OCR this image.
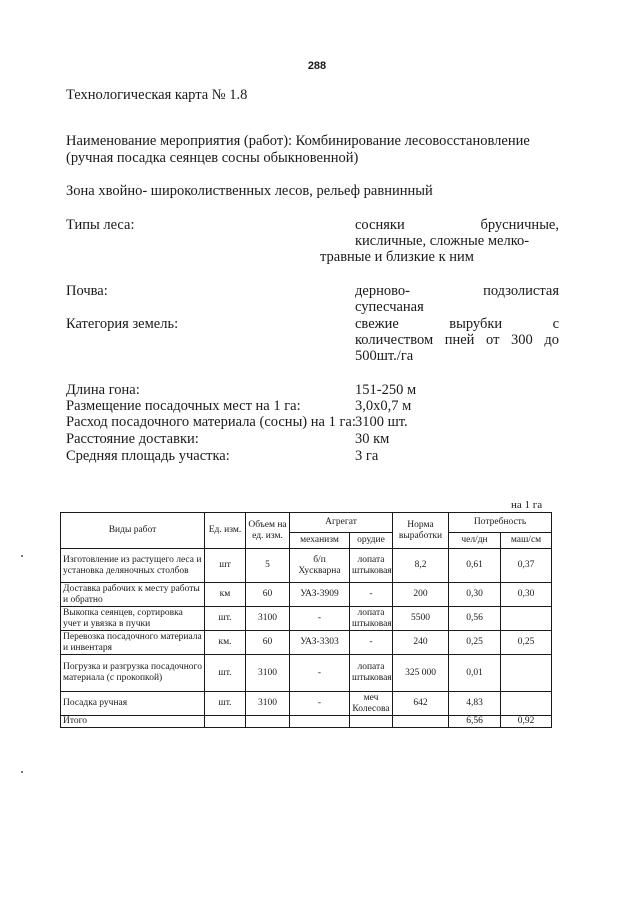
288
Технологическая карта № 1.8
Наименование мероприятия (работ): Комбинирование лесовосстановление
(ручная посадка сеянцев сосны обыкновенной)
Зона хвойно- широколиственных лесов, рельеф равнинный
Типы леса:	сосняки брусничные,
кисличные, сложные мелко-
травные и близкие к ним
Почва:	дерново- подзолистая
супесчаная
Категория земель:	свежие вырубки с
количеством пней от 300 до
500шт./га
Длина гона:	151-250 м
Размещение посадочных мест на 1 га:	3,0x0,7 м
Расход посадочного материала (сосны) на 1 га: 3100 шт.
Расстояние доставки:	30 км
Средняя площадь участка:	3 га
на 1 га
Виды работ	Ед. изм.	Объем на ед. изм.	Агрегат		Норма выработки	Потребность	
			механизм	орудие		чел/дн	маш/см
Изготовление из растущего леса и установка деляночных столбов	шт	5	б/п Хускварна	лопата штыковая	8,2	0,61	0,37
Доставка рабочих к месту работы и обратно	км	60	УАЗ-3909	-	200	0,30	0,30
Выкопка сеянцев, сортировка учет и увязка в пучки	шт.	3100	-	лопата штыковая	5500	0,56	
Перевозка посадочного материала и инвентаря	км.	60	УАЗ-3303	-	240	0,25	0,25
Погрузка и разгрузка посадочного материала (с прокопкой)	шт.	3100	-	лопата штыковая	325 000	0,01	
Посадка ручная	шт.	3100	-	меч Колесова	642	4,83	
Итого						6,56	0,92
